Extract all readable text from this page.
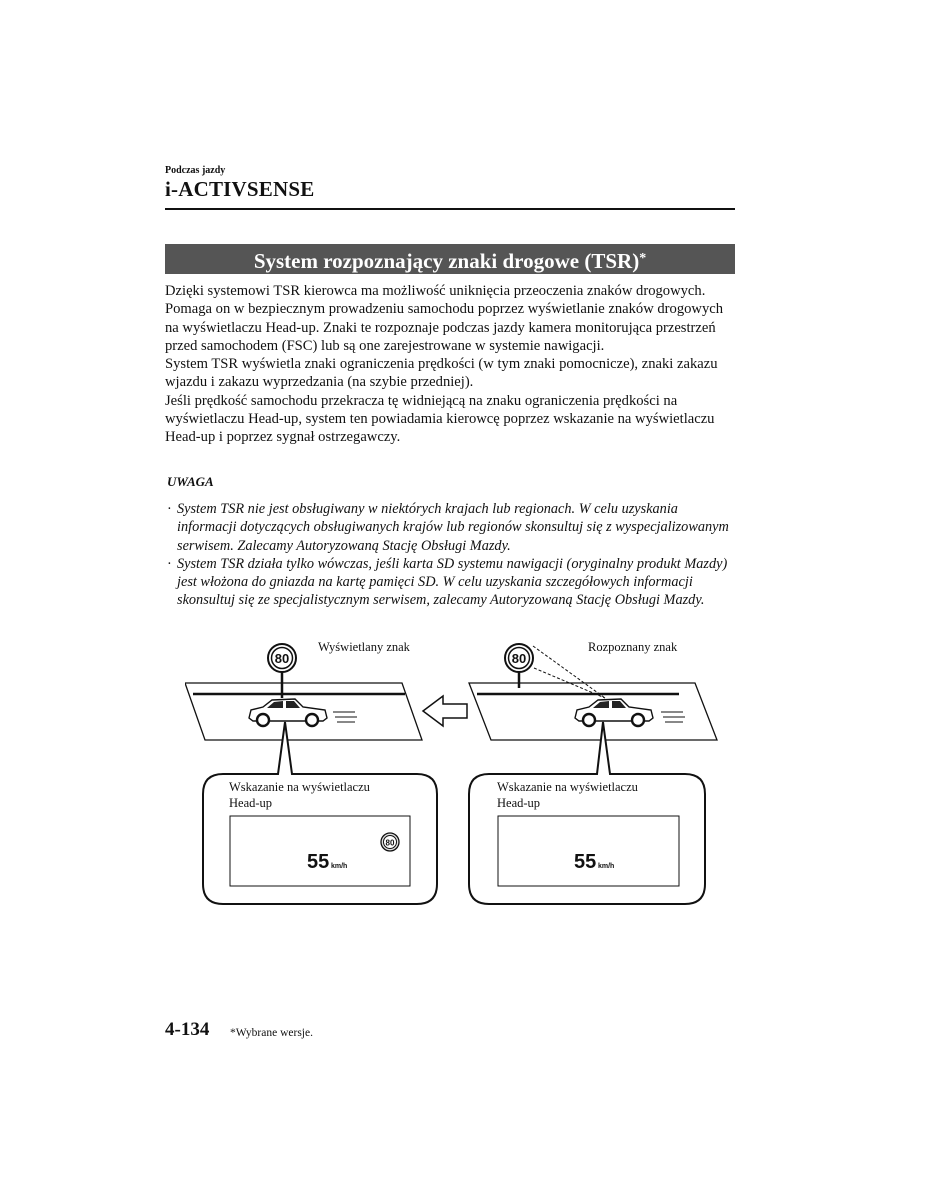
Podczas jazdy
i-ACTIVSENSE
System rozpoznający znaki drogowe (TSR)*

Dzięki systemowi TSR kierowca ma możliwość uniknięcia przeoczenia znaków drogowych. Pomaga on w bezpiecznym prowadzeniu samochodu poprzez wyświetlanie znaków drogowych na wyświetlaczu Head-up. Znaki te rozpoznaje podczas jazdy kamera monitorująca przestrzeń przed samochodem (FSC) lub są one zarejestrowane w systemie nawigacji.

System TSR wyświetla znaki ograniczenia prędkości (w tym znaki pomocnicze), znaki zakazu wjazdu i zakazu wyprzedzania (na szybie przedniej).

Jeśli prędkość samochodu przekracza tę widniejącą na znaku ograniczenia prędkości na wyświetlaczu Head-up, system ten powiadamia kierowcę poprzez wskazanie na wyświetlaczu Head-up i poprzez sygnał ostrzegawczy.

UWAGA

· System TSR nie jest obsługiwany w niektórych krajach lub regionach. W celu uzyskania informacji dotyczących obsługiwanych krajów lub regionów skonsultuj się z wyspecjalizowanym serwisem. Zalecamy Autoryzowaną Stację Obsługi Mazdy.

· System TSR działa tylko wówczas, jeśli karta SD systemu nawigacji (oryginalny produkt Mazdy) jest włożona do gniazda na kartę pamięci SD. W celu uzyskania szczegółowych informacji skonsultuj się ze specjalistycznym serwisem, zalecamy Autoryzowaną Stację Obsługi Mazdy.

80
Wyświetlany znak
80
Rozpoznany znak
Wskazanie na wyświetlaczu
Head-up
80
55 km/h
Wskazanie na wyświetlaczu
Head-up
55 km/h
4-134 *Wybrane wersje.
